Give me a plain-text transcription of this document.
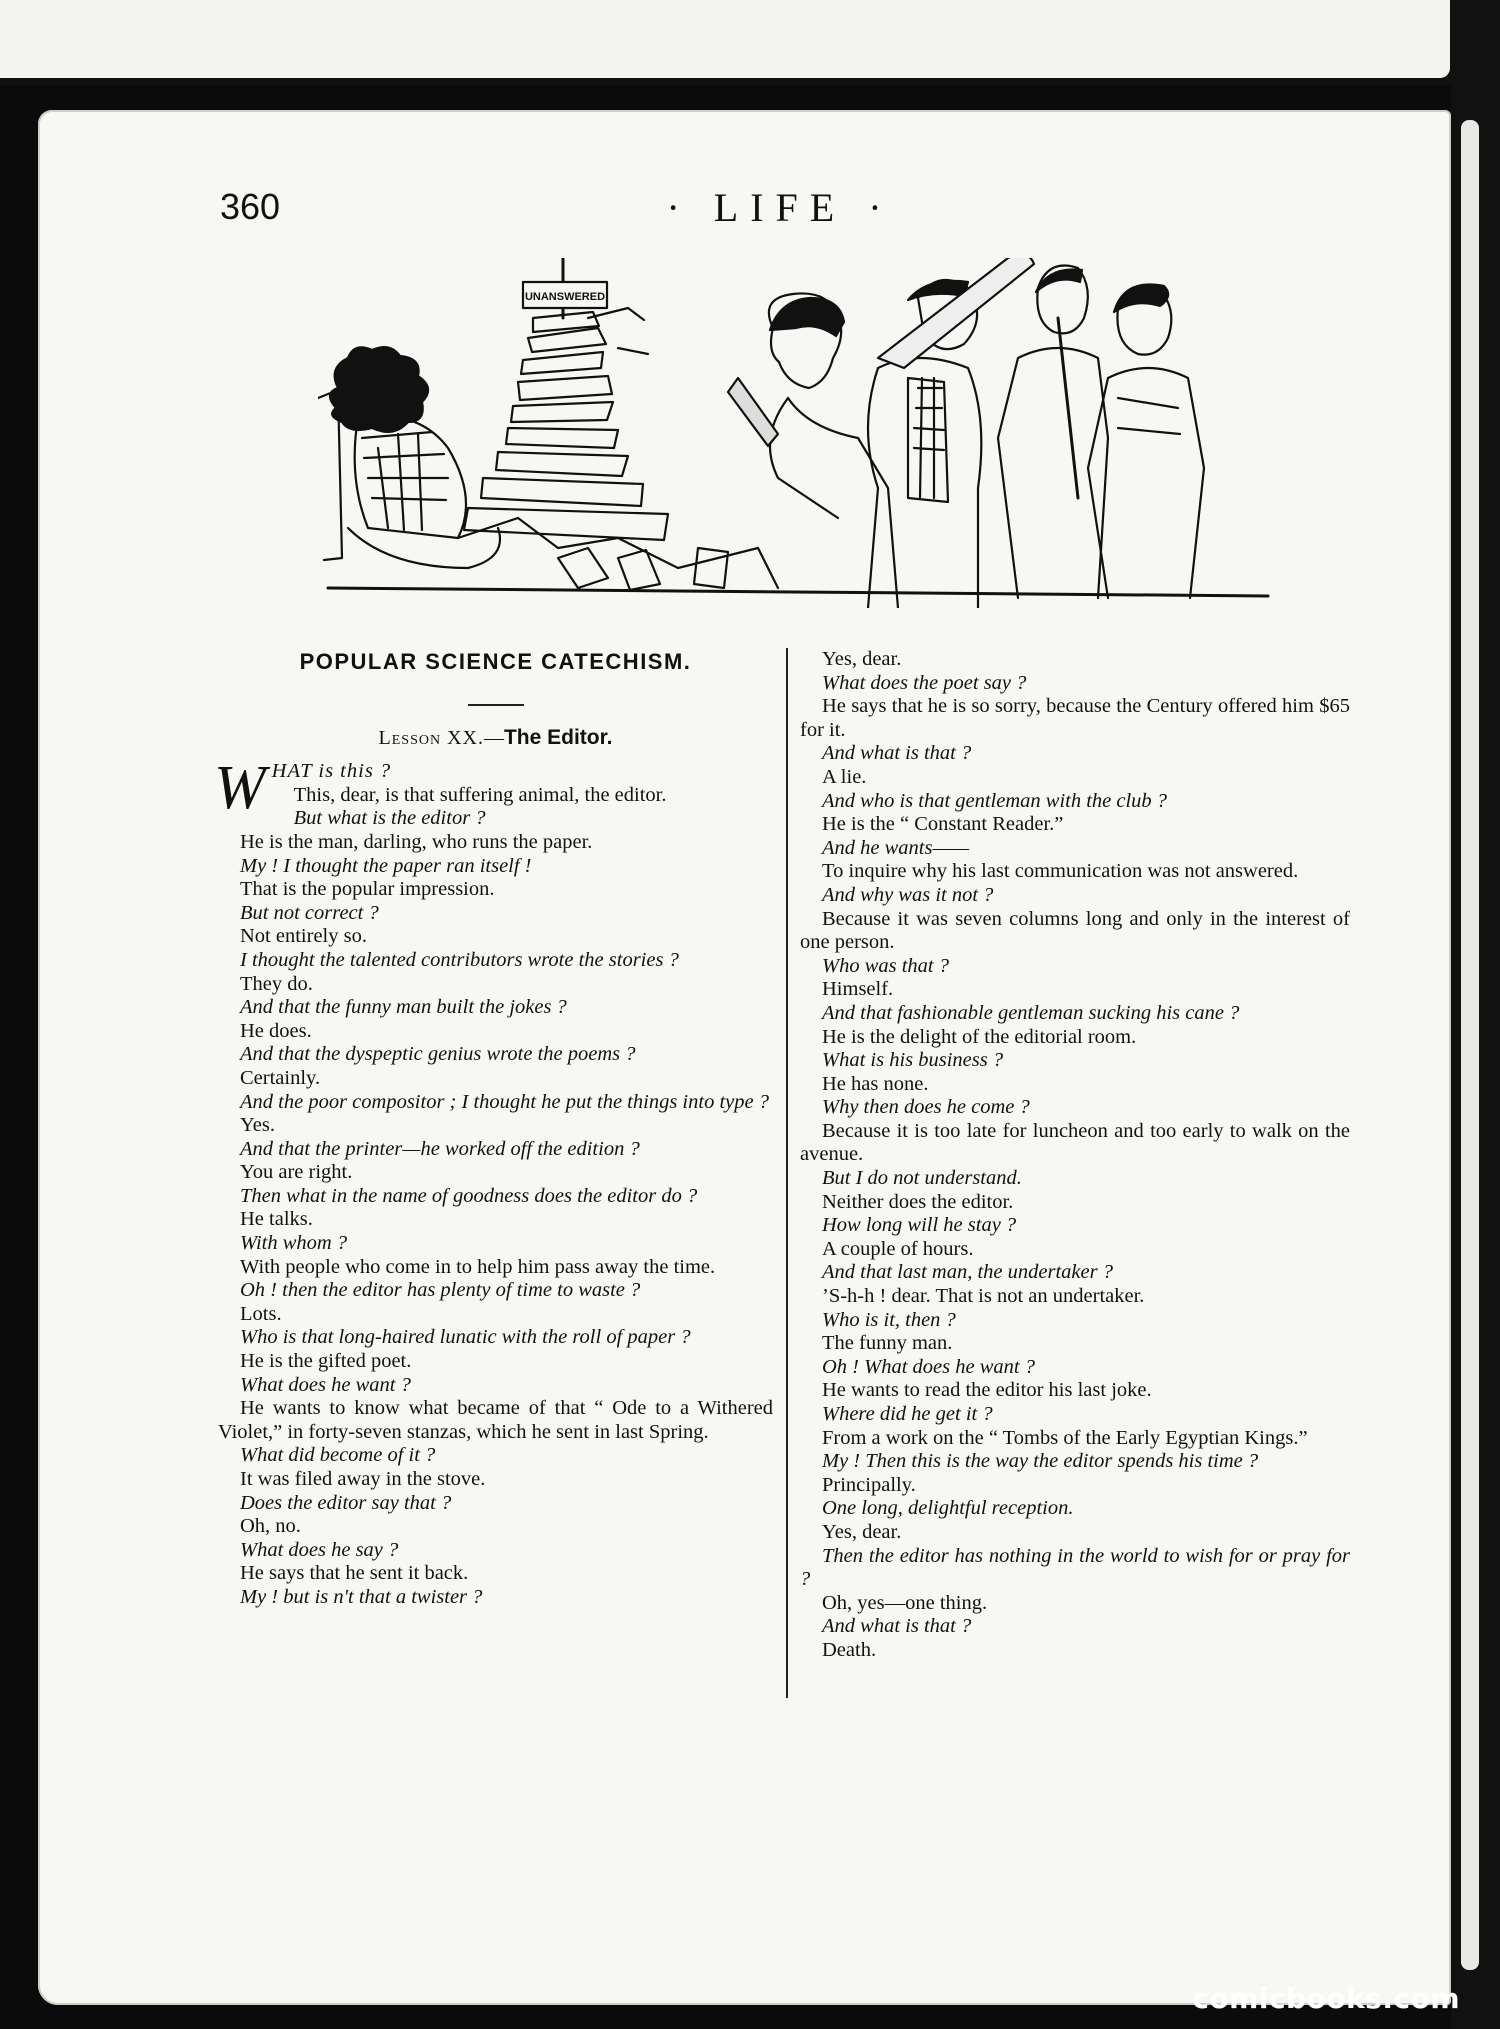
360	· LIFE ·
UNANSWERED
POPULAR SCIENCE CATECHISM.
Lesson XX.—The Editor.
W HAT is this ?

This, dear, is that suffering animal, the editor.

But what is the editor ?

He is the man, darling, who runs the paper.

My ! I thought the paper ran itself !

That is the popular impression.

But not correct ?

Not entirely so.

I thought the talented contributors wrote the stories ?

They do.

And that the funny man built the jokes ?

He does.

And that the dyspeptic genius wrote the poems ?

Certainly.

And the poor compositor ; I thought he put the things into type ?

Yes.

And that the printer—he worked off the edition ?

You are right.

Then what in the name of goodness does the editor do ?

He talks.

With whom ?

With people who come in to help him pass away the time.

Oh ! then the editor has plenty of time to waste ?

Lots.

Who is that long-haired lunatic with the roll of paper ?

He is the gifted poet.

What does he want ?

He wants to know what became of that “ Ode to a Withered Violet,” in forty-seven stanzas, which he sent in last Spring.

What did become of it ?

It was filed away in the stove.

Does the editor say that ?

Oh, no.

What does he say ?

He says that he sent it back.

My ! but is n't that a twister ?

Yes, dear.

What does the poet say ?

He says that he is so sorry, because the Century offered him $65 for it.

And what is that ?

A lie.

And who is that gentleman with the club ?

He is the “ Constant Reader.”

And he wants——

To inquire why his last communication was not answered.

And why was it not ?

Because it was seven columns long and only in the interest of one person.

Who was that ?

Himself.

And that fashionable gentleman sucking his cane ?

He is the delight of the editorial room.

What is his business ?

He has none.

Why then does he come ?

Because it is too late for luncheon and too early to walk on the avenue.

But I do not understand.

Neither does the editor.

How long will he stay ?

A couple of hours.

And that last man, the undertaker ?

’S-h-h ! dear. That is not an undertaker.

Who is it, then ?

The funny man.

Oh ! What does he want ?

He wants to read the editor his last joke.

Where did he get it ?

From a work on the “ Tombs of the Early Egyptian Kings.”

My ! Then this is the way the editor spends his time ?

Principally.

One long, delightful reception.

Yes, dear.

Then the editor has nothing in the world to wish for or pray for ?

Oh, yes—one thing.

And what is that ?

Death.

comicbooks.com
